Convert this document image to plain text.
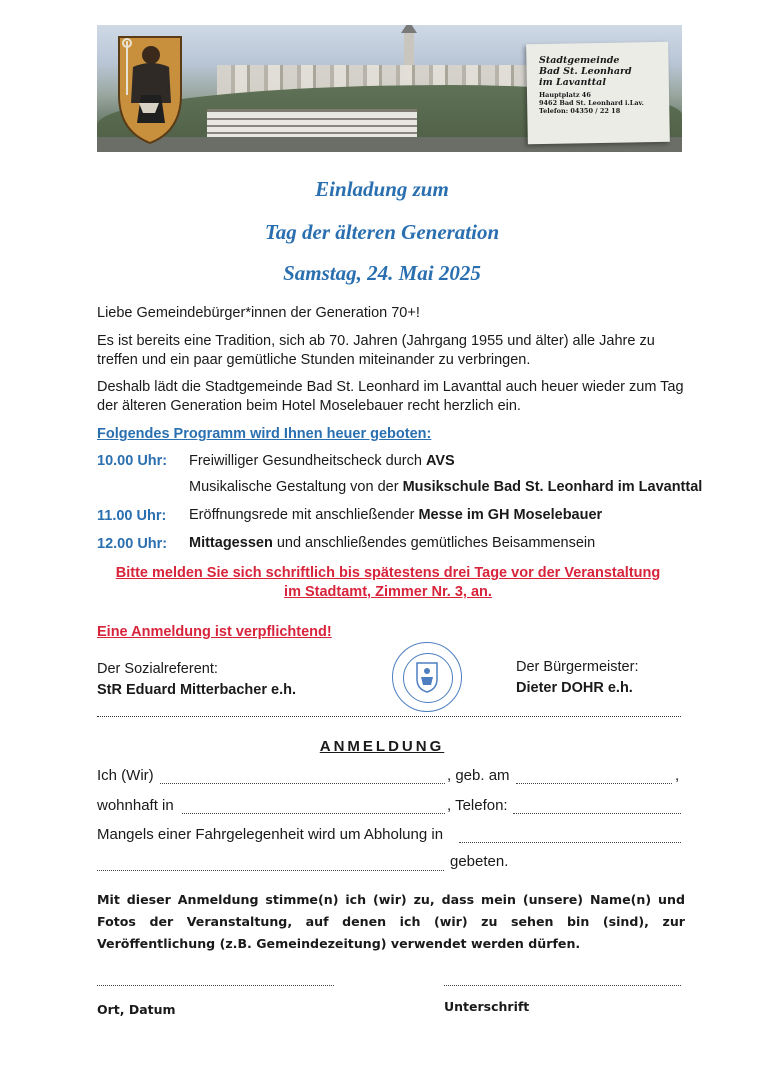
Stadtgemeinde
Bad St. Leonhard
im Lavanttal
Hauptplatz 46
9462 Bad St. Leonhard i.Lav.
Telefon: 04350 / 22 18
Einladung zum
Tag der älteren Generation
Samstag, 24. Mai 2025
Liebe Gemeindebürger*innen der Generation 70+!
Es ist bereits eine Tradition, sich ab 70. Jahren (Jahrgang 1955 und älter) alle Jahre zu treffen und ein paar gemütliche Stunden miteinander zu verbringen.
Deshalb lädt die Stadtgemeinde Bad St. Leonhard im Lavanttal auch heuer wieder zum Tag der älteren Generation beim Hotel Moselebauer recht herzlich ein.
Folgendes Programm wird Ihnen heuer geboten:
10.00 Uhr: Freiwilliger Gesundheitscheck durch AVS
Musikalische Gestaltung von der Musikschule Bad St. Leonhard im Lavanttal
11.00 Uhr: Eröffnungsrede mit anschließender Messe im GH Moselebauer
12.00 Uhr: Mittagessen und anschließendes gemütliches Beisammensein
Bitte melden Sie sich schriftlich bis spätestens drei Tage vor der Veranstaltung
im Stadtamt, Zimmer Nr. 3, an.
Eine Anmeldung ist verpflichtend!
Der Sozialreferent:
StR Eduard Mitterbacher e.h.
Der Bürgermeister:
Dieter DOHR e.h.
ANMELDUNG
Ich (Wir)	, geb. am	,
wohnhaft in	, Telefon:
Mangels einer Fahrgelegenheit wird um Abholung in
gebeten.
Mit dieser Anmeldung stimme(n) ich (wir) zu, dass mein (unsere) Name(n) und Fotos der Veranstaltung, auf denen ich (wir) zu sehen bin (sind), zur Veröffentlichung (z.B. Gemeindezeitung) verwendet werden dürfen.
Ort, Datum	Unterschrift
